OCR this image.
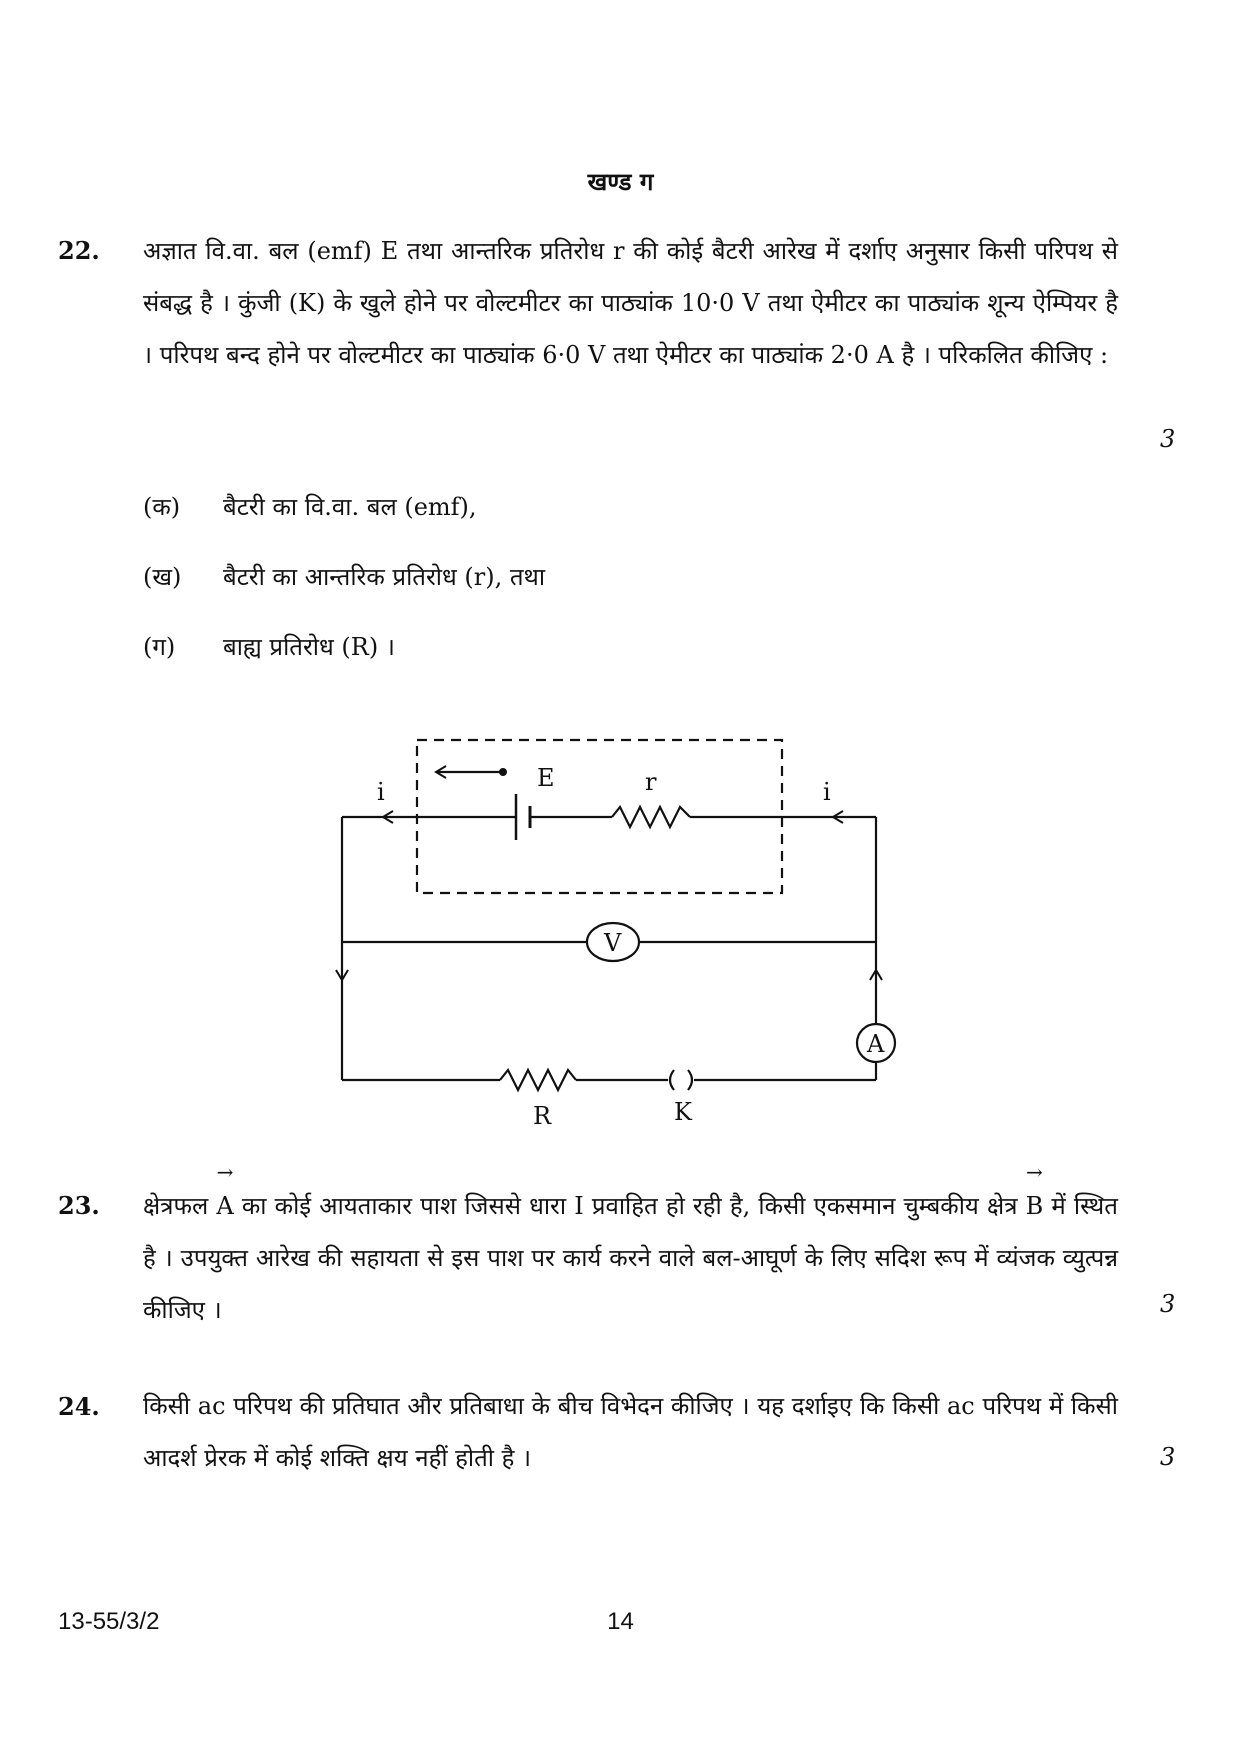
खण्ड ग
22. अज्ञात वि.वा. बल (emf) E तथा आन्तरिक प्रतिरोध r की कोई बैटरी आरेख में दर्शाए अनुसार किसी परिपथ से संबद्ध है । कुंजी (K) के खुले होने पर वोल्टमीटर का पाठ्यांक 10·0 V तथा ऐमीटर का पाठ्यांक शून्य ऐम्पियर है । परिपथ बन्द होने पर वोल्टमीटर का पाठ्यांक 6·0 V तथा ऐमीटर का पाठ्यांक 2·0 A है । परिकलित कीजिए :
3
(क) बैटरी का वि.वा. बल (emf),
(ख) बैटरी का आन्तरिक प्रतिरोध (r), तथा
(ग) बाह्य प्रतिरोध (R) ।
i	i
E	r
V
A
R	K
23. क्षेत्रफल
→
A का कोई आयताकार पाश जिससे धारा I प्रवाहित हो रही है, किसी एकसमान चुम्बकीय क्षेत्र
→
B में स्थित है । उपयुक्त आरेख की सहायता से इस पाश पर कार्य करने वाले बल-आघूर्ण के लिए सदिश रूप में व्यंजक व्युत्पन्न कीजिए ।	3
24. किसी ac परिपथ की प्रतिघात और प्रतिबाधा के बीच विभेदन कीजिए । यह दर्शाइए कि किसी ac परिपथ में किसी आदर्श प्रेरक में कोई शक्ति क्षय नहीं होती है ।	3
13-55/3/2	14
